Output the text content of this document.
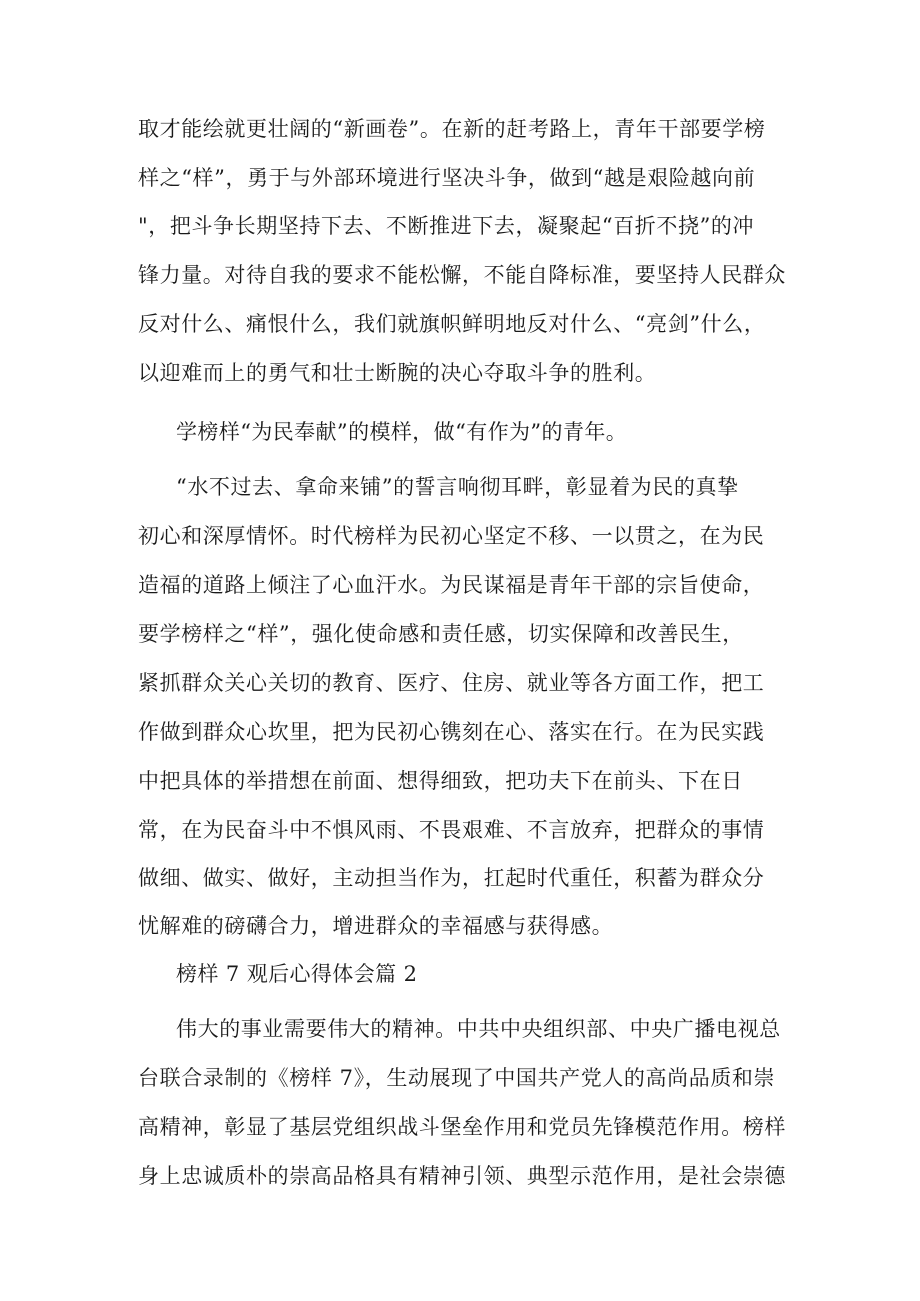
取才能绘就更壮阔的“新画卷”。在新的赶考路上，青年干部要学榜
样之“样”，勇于与外部环境进行坚决斗争，做到“越是艰险越向前
"，把斗争长期坚持下去、不断推进下去，凝聚起“百折不挠”的冲
锋力量。对待自我的要求不能松懈，不能自降标准，要坚持人民群众
反对什么、痛恨什么，我们就旗帜鲜明地反对什么、“亮剑”什么，
以迎难而上的勇气和壮士断腕的决心夺取斗争的胜利。
学榜样“为民奉献”的模样，做“有作为”的青年。
“水不过去、拿命来铺”的誓言响彻耳畔，彰显着为民的真挚
初心和深厚情怀。时代榜样为民初心坚定不移、一以贯之，在为民
造福的道路上倾注了心血汗水。为民谋福是青年干部的宗旨使命，
要学榜样之“样”，强化使命感和责任感，切实保障和改善民生，
紧抓群众关心关切的教育、医疗、住房、就业等各方面工作，把工
作做到群众心坎里，把为民初心镌刻在心、落实在行。在为民实践
中把具体的举措想在前面、想得细致，把功夫下在前头、下在日
常，在为民奋斗中不惧风雨、不畏艰难、不言放弃，把群众的事情
做细、做实、做好，主动担当作为，扛起时代重任，积蓄为群众分
忧解难的磅礴合力，增进群众的幸福感与获得感。
榜样 7 观后心得体会篇 2
伟大的事业需要伟大的精神。中共中央组织部、中央广播电视总
台联合录制的《榜样 7》，生动展现了中国共产党人的高尚品质和崇
高精神，彰显了基层党组织战斗堡垒作用和党员先锋模范作用。榜样
身上忠诚质朴的崇高品格具有精神引领、典型示范作用，是社会崇德
